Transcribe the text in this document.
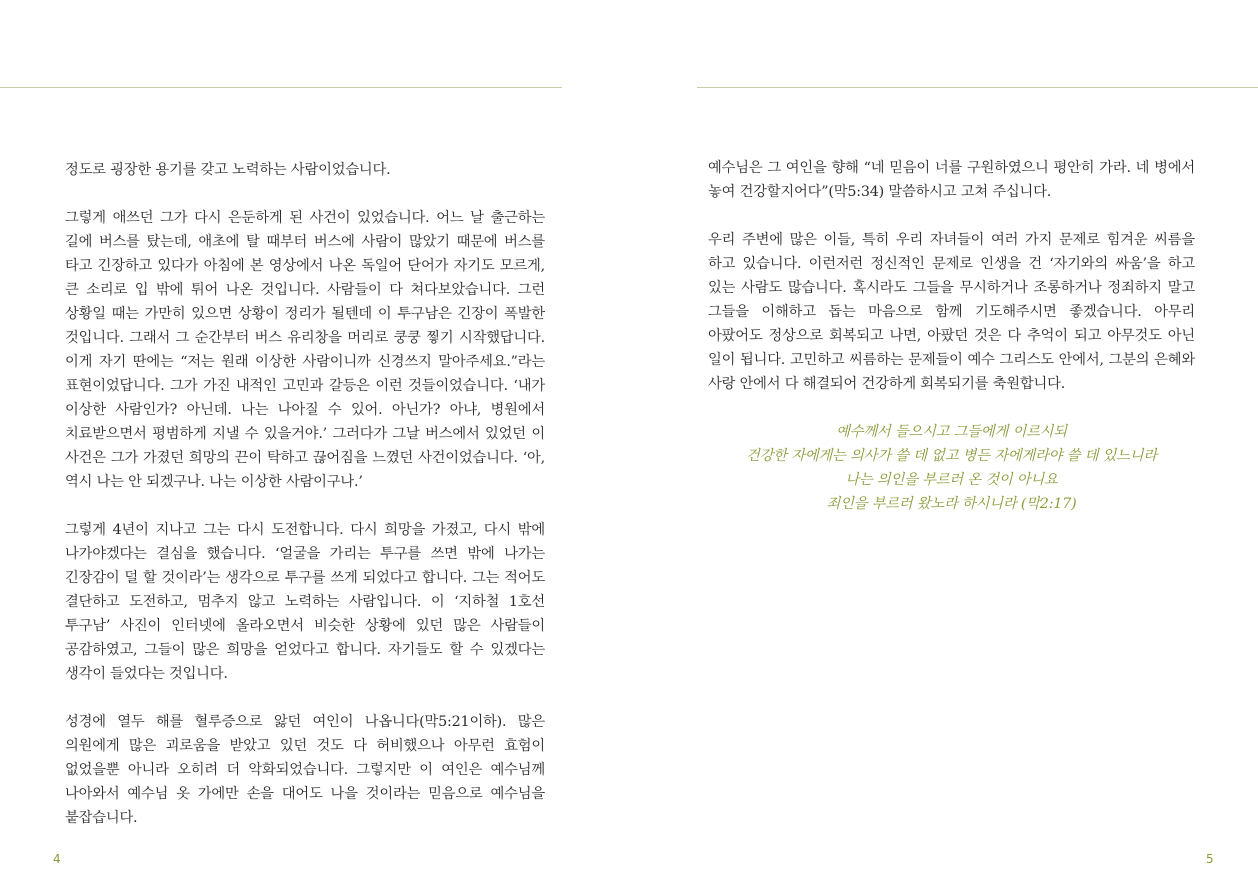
정도로 굉장한 용기를 갖고 노력하는 사람이었습니다.

그렇게 애쓰던 그가 다시 은둔하게 된 사건이 있었습니다. 어느 날 출근하는 길에 버스를 탔는데, 애초에 탈 때부터 버스에 사람이 많았기 때문에 버스를 타고 긴장하고 있다가 아침에 본 영상에서 나온 독일어 단어가 자기도 모르게, 큰 소리로 입 밖에 튀어 나온 것입니다. 사람들이 다 쳐다보았습니다. 그런 상황일 때는 가만히 있으면 상황이 정리가 될텐데 이 투구남은 긴장이 폭발한 것입니다. 그래서 그 순간부터 버스 유리창을 머리로 쿵쿵 찧기 시작했답니다. 이게 자기 딴에는 “저는 원래 이상한 사람이니까 신경쓰지 말아주세요.”라는 표현이었답니다. 그가 가진 내적인 고민과 갈등은 이런 것들이었습니다. ‘내가 이상한 사람인가? 아닌데. 나는 나아질 수 있어. 아닌가? 아냐, 병원에서 치료받으면서 평범하게 지낼 수 있을거야.’ 그러다가 그날 버스에서 있었던 이 사건은 그가 가졌던 희망의 끈이 탁하고 끊어짐을 느꼈던 사건이었습니다. ‘아, 역시 나는 안 되겠구나. 나는 이상한 사람이구나.’

그렇게 4년이 지나고 그는 다시 도전합니다. 다시 희망을 가졌고, 다시 밖에 나가야겠다는 결심을 했습니다. ‘얼굴을 가리는 투구를 쓰면 밖에 나가는 긴장감이 덜 할 것이라’는 생각으로 투구를 쓰게 되었다고 합니다. 그는 적어도 결단하고 도전하고, 멈추지 않고 노력하는 사람입니다. 이 ‘지하철 1호선 투구남’ 사진이 인터넷에 올라오면서 비슷한 상황에 있던 많은 사람들이 공감하였고, 그들이 많은 희망을 얻었다고 합니다. 자기들도 할 수 있겠다는 생각이 들었다는 것입니다.

성경에 열두 해를 혈루증으로 앓던 여인이 나옵니다(막5:21이하). 많은 의원에게 많은 괴로움을 받았고 있던 것도 다 허비했으나 아무런 효험이 없었을뿐 아니라 오히려 더 악화되었습니다. 그렇지만 이 여인은 예수님께 나아와서 예수님 옷 가에만 손을 대어도 나을 것이라는 믿음으로 예수님을 붙잡습니다.

4

예수님은 그 여인을 향해 “네 믿음이 너를 구원하였으니 평안히 가라. 네 병에서 놓여 건강할지어다”(막5:34) 말씀하시고 고쳐 주십니다.

우리 주변에 많은 이들, 특히 우리 자녀들이 여러 가지 문제로 힘겨운 씨름을 하고 있습니다. 이런저런 정신적인 문제로 인생을 건 ‘자기와의 싸움’을 하고 있는 사람도 많습니다. 혹시라도 그들을 무시하거나 조롱하거나 정죄하지 말고 그들을 이해하고 돕는 마음으로 함께 기도해주시면 좋겠습니다. 아무리 아팠어도 정상으로 회복되고 나면, 아팠던 것은 다 추억이 되고 아무것도 아닌 일이 됩니다. 고민하고 씨름하는 문제들이 예수 그리스도 안에서, 그분의 은혜와 사랑 안에서 다 해결되어 건강하게 회복되기를 축원합니다.

예수께서 들으시고 그들에게 이르시되
건강한 자에게는 의사가 쓸 데 없고 병든 자에게라야 쓸 데 있느니라
나는 의인을 부르러 온 것이 아니요
죄인을 부르러 왔노라 하시니라 (막2:17)
5
